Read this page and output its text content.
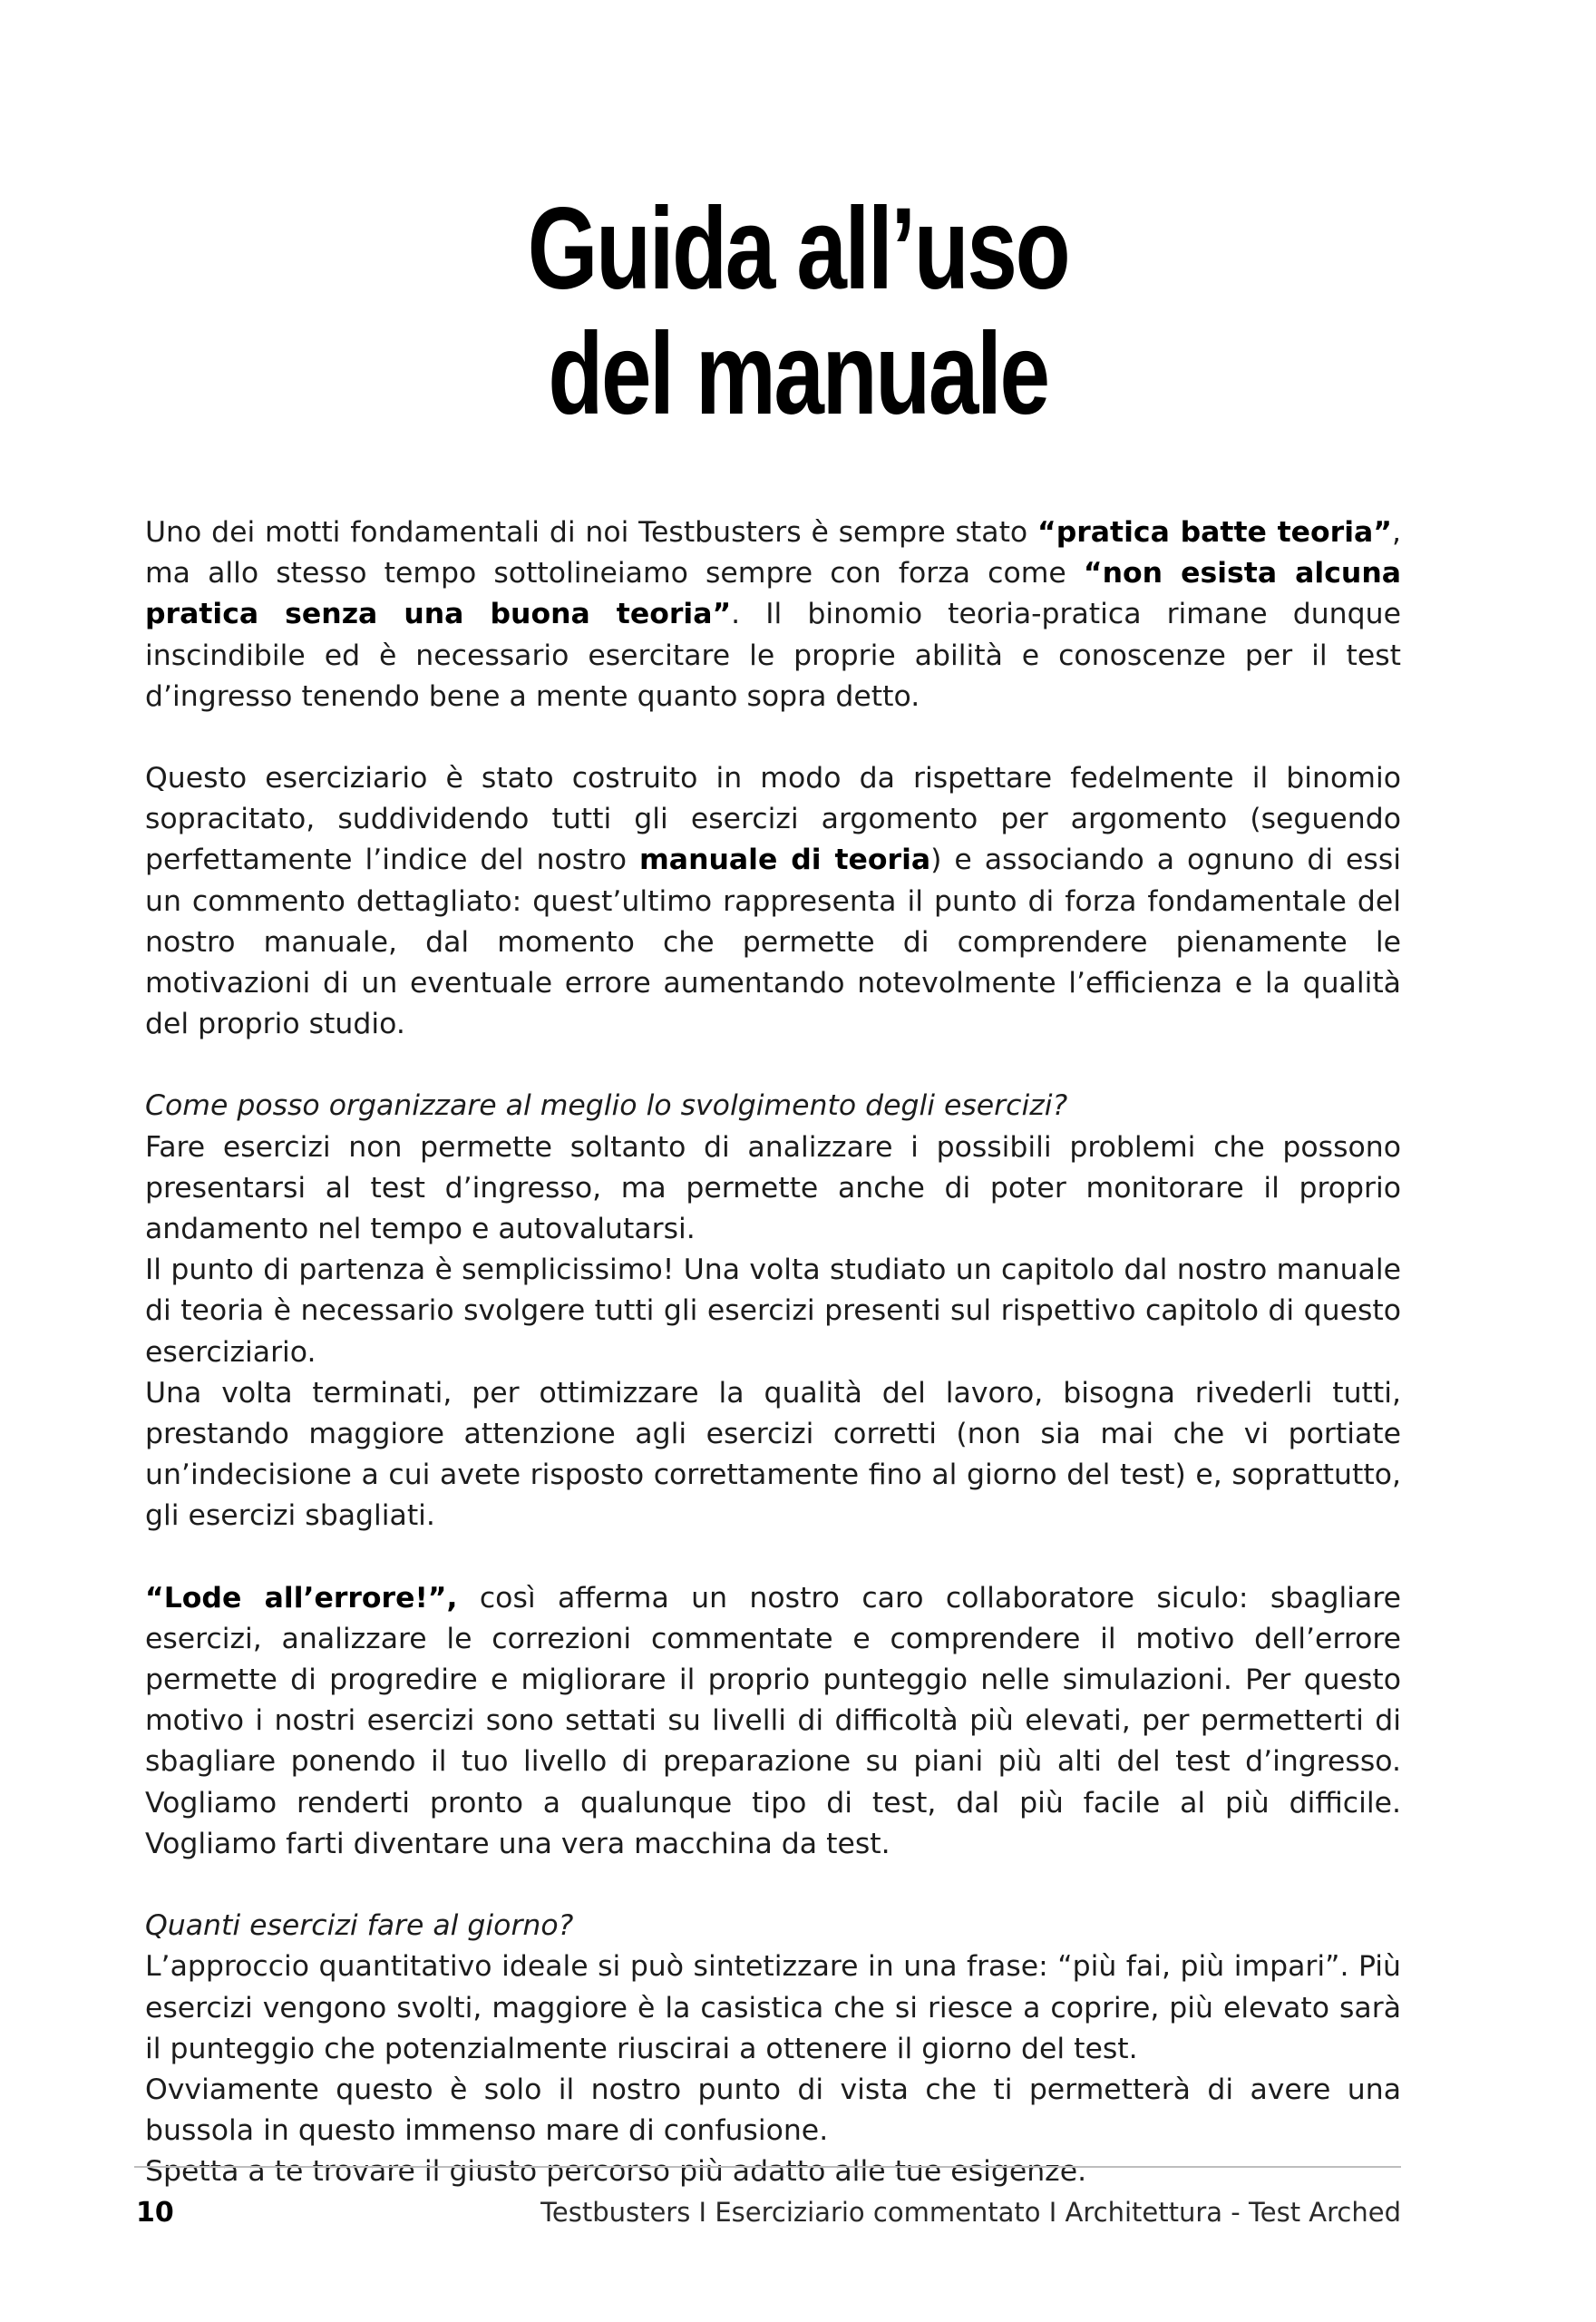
Guida all’uso
del manuale

Uno dei motti fondamentali di noi Testbusters è sempre stato “pratica batte teoria”, ma allo stesso tempo sottolineiamo sempre con forza come “non esista alcuna pratica senza una buona teoria”. Il binomio teoria-pratica rimane dunque inscindibile ed è necessario esercitare le proprie abilità e conoscenze per il test d’ingresso tenendo bene a mente quanto sopra detto.

Questo eserciziario è stato costruito in modo da rispettare fedelmente il binomio sopracitato, suddividendo tutti gli esercizi argomento per argomento (seguendo perfettamente l’indice del nostro manuale di teoria) e associando a ognuno di essi un commento dettagliato: quest’ultimo rappresenta il punto di forza fondamentale del nostro manuale, dal momento che permette di comprendere pienamente le motivazioni di un eventuale errore aumentando notevolmente l’efficienza e la qualità del proprio studio.

Come posso organizzare al meglio lo svolgimento degli esercizi?

Fare esercizi non permette soltanto di analizzare i possibili problemi che possono presentarsi al test d’ingresso, ma permette anche di poter monitorare il proprio andamento nel tempo e autovalutarsi.

Il punto di partenza è semplicissimo! Una volta studiato un capitolo dal nostro manuale di teoria è necessario svolgere tutti gli esercizi presenti sul rispettivo capitolo di questo eserciziario.

Una volta terminati, per ottimizzare la qualità del lavoro, bisogna rivederli tutti, prestando maggiore attenzione agli esercizi corretti (non sia mai che vi portiate un’indecisione a cui avete risposto correttamente fino al giorno del test) e, soprattutto, gli esercizi sbagliati.

“Lode all’errore!”, così afferma un nostro caro collaboratore siculo: sbagliare esercizi, analizzare le correzioni commentate e comprendere il motivo dell’errore permette di progredire e migliorare il proprio punteggio nelle simulazioni. Per questo motivo i nostri esercizi sono settati su livelli di difficoltà più elevati, per permetterti di sbagliare ponendo il tuo livello di preparazione su piani più alti del test d’ingresso. Vogliamo renderti pronto a qualunque tipo di test, dal più facile al più difficile. Vogliamo farti diventare una vera macchina da test.

Quanti esercizi fare al giorno?

L’approccio quantitativo ideale si può sintetizzare in una frase: “più fai, più impari”. Più esercizi vengono svolti, maggiore è la casistica che si riesce a coprire, più elevato sarà il punteggio che potenzialmente riuscirai a ottenere il giorno del test.

Ovviamente questo è solo il nostro punto di vista che ti permetterà di avere una bussola in questo immenso mare di confusione.

Spetta a te trovare il giusto percorso più adatto alle tue esigenze.

10	Testbusters I Eserciziario commentato I Architettura - Test Arched
